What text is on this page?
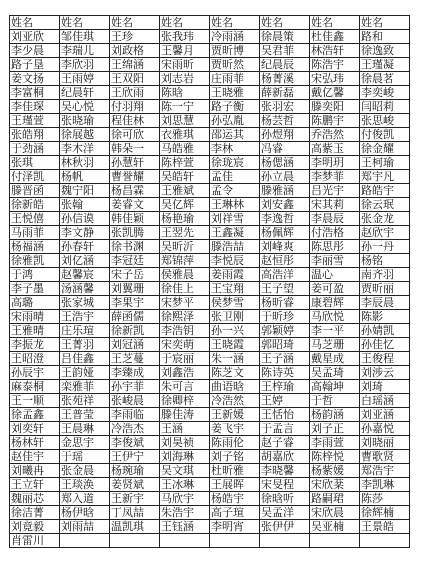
姓名	姓名	姓名	姓名	姓名	姓名	姓名	姓名
刘亚欣	邹佳琪	王珍	张我玮	冷雨涵	徐晨策	杜佳鑫	路和
李少晨	李瑞儿	刘政格	王馨月	贾昕博	吴君菲	林浩轩	徐逸致
路子垦	李欣羽	王绵涵	宋雨昕	贾昕然	纪晨辰	陈浩宇	王瑾凝
姜文扬	王雨婷	王双阳	刘志岩	庄雨菲	杨菁溪	宋弘玮	徐晨茗
李富桐	纪晨轩	王欣雨	陈晗	王晓雅	薛新磊	戴亿馨	李奕峻
李佳琛	吴心悦	付羽翔	陈一宁	路子衡	张羽宏	滕奕阳	闫昭莉
王瑾萱	张晓瑜	程佳林	刘思慧	孙弘胤	杨芸哲	陈鹏宇	张思峻
张皓翔	徐展越	徐可欣	衣雅琪	邵运其	孙煜翔	乔浩然	付俊凯
于劲涵	李木洋	韩朵一	马皓雅	李林	冯睿	高紫玉	徐金耀
张琪	林秋羽	孙慧轩	陈梓萱	徐珑宸	杨偲涵	李明玥	王柯瑜
付泽凯	杨帆	曹誉耀	吴皓轩	孟佳	孙立晨	李梦菲	郑宇凡
滕晋函	魏宁阳	杨昌霖	王雅斌	孟令	滕雅涵	吕光宇	路皓宇
徐新皓	张翰	姜睿文	吴亿辉	王琳林	刘安鑫	宋其莉	徐云珉
王悦僖	孙信谟	韩佳颖	杨艳瑜	刘祥雪	李逸哲	李晨辰	张金龙
马雨菲	李文静	张凯腾	王翌先	王鑫凝	杨佩辉	付浩格	赵欣宇
杨福涵	孙春轩	徐书渊	吴昕沂	滕浩喆	刘峰爽	陈思彤	孙一丹
徐雅凯	刘亿涵	李冠廷	郑锦萍	李悦辰	赵恒彤	李丽雪	杨铭
于鸿	赵馨宸	宋子岳	侯雅晨	姜雨霞	高浩洋	温心	南齐羽
李子墨	汤涵馨	刘翼珊	徐佳上	王宝翔	王子望	姜可盈	贾昕丽
高璐	张家城	李果宇	宋梦平	侯梦雪	杨昕睿	康碧辉	李辰晨
宋雨晴	王浩宇	薛函儒	徐熙泽	张卫刚	于昕珍	马欣悦	陈影
王雅晴	庄乐瑄	徐新凯	李浩钥	孙一兴	郭颖婷	李一平	孙婧凯
李振龙	王菁羽	刘冠涵	宋奕萌	王晓霞	郭昭琦	马芝珊	孙佳忆
王昭澄	吕佳鑫	王芝蔓	于宸丽	朱一涵	王子涵	戴星成	王俊程
孙辰宇	王韵娅	李臻成	刘鑫浩	陈芝文	陈诗英	吴孟琦	刘涉云
麻泰桐	栾雅菲	孙宇菲	朱可言	曲语晗	王梓瑜	高翰坤	刘琦
王一顺	张苑祥	张峻晨	徐卿梓	冷浩然	王婷	于哲	白瑶涵
徐孟鑫	王普莹	李雨临	滕佳涛	王新媛	王恬怡	杨韵涵	刘亚涵
刘奕轩	王晨琳	冷浩杰	王涵	姜飞宇	于孟言	刘子正	孙嘉悦
杨林轩	金思宇	李俊斌	刘昊祯	陈雨伦	赵子睿	李雨萱	刘晓丽
赵佳宇	于瑶	王伊宁	刘海琳	刘子铭	胡嘉欣	陈梓悦	曹歌贤
刘曦冉	张金晨	杨琬瑜	吴文琪	杜昕雅	李晓馨	杨紫媛	郑浩宇
王立轩	王琰涣	姜贤斌	王冰琳	王展晖	宋旻程	宋欣棻	李凯琳
魏丽芯	郑入道	王新宇	马欣宇	杨皓宇	徐晗听	路嗣珺	陈莎
徐洁菁	杨伊晗	丁凤喆	朱浩宇	高子瑄	吴孟洋	宋欣晨	徐辉楠
刘竟毅	刘雨喆	温凯琪	王钰涵	李明宵	张伊伊	吴亚楠	王景皓
肖雷川							
